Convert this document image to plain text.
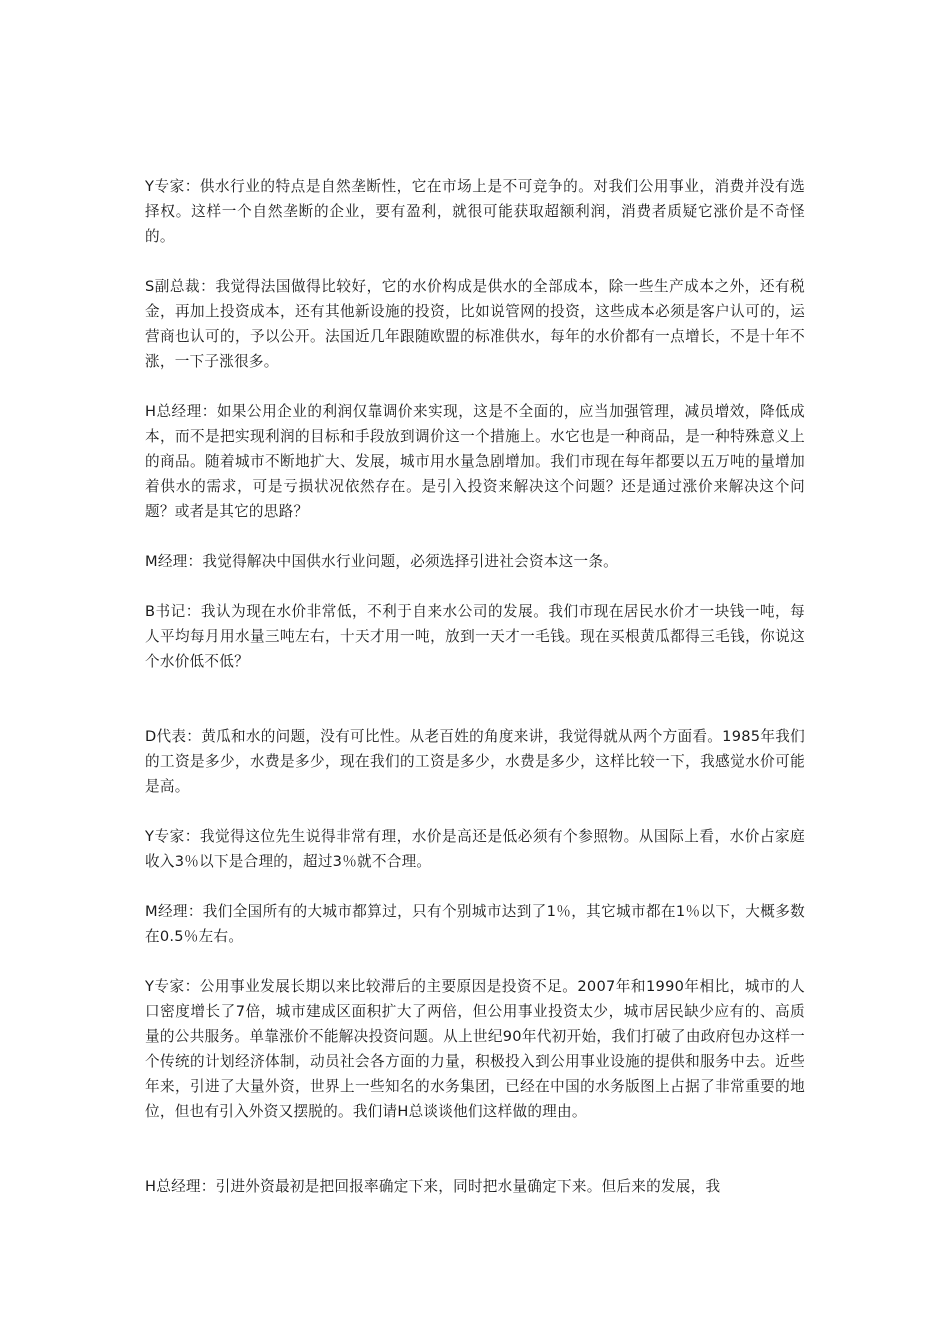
Y专家：供水行业的特点是自然垄断性，它在市场上是不可竞争的。对我们公用事业，消费并没有选择权。这样一个自然垄断的企业，要有盈利，就很可能获取超额利润，消费者质疑它涨价是不奇怪的。

S副总裁：我觉得法国做得比较好，它的水价构成是供水的全部成本，除一些生产成本之外，还有税金，再加上投资成本，还有其他新设施的投资，比如说管网的投资，这些成本必须是客户认可的，运营商也认可的，予以公开。法国近几年跟随欧盟的标准供水，每年的水价都有一点增长，不是十年不涨，一下子涨很多。

H总经理：如果公用企业的利润仅靠调价来实现，这是不全面的，应当加强管理，减员增效，降低成本，而不是把实现利润的目标和手段放到调价这一个措施上。水它也是一种商品，是一种特殊意义上的商品。随着城市不断地扩大、发展，城市用水量急剧增加。我们市现在每年都要以五万吨的量增加着供水的需求，可是亏损状况依然存在。是引入投资来解决这个问题？还是通过涨价来解决这个问题？或者是其它的思路？

M经理：我觉得解决中国供水行业问题，必须选择引进社会资本这一条。

B书记：我认为现在水价非常低，不利于自来水公司的发展。我们市现在居民水价才一块钱一吨，每人平均每月用水量三吨左右，十天才用一吨，放到一天才一毛钱。现在买根黄瓜都得三毛钱，你说这个水价低不低？

D代表：黄瓜和水的问题，没有可比性。从老百姓的角度来讲，我觉得就从两个方面看。1985年我们的工资是多少，水费是多少，现在我们的工资是多少，水费是多少，这样比较一下，我感觉水价可能是高。

Y专家：我觉得这位先生说得非常有理，水价是高还是低必须有个参照物。从国际上看，水价占家庭收入3％以下是合理的，超过3％就不合理。

M经理：我们全国所有的大城市都算过，只有个别城市达到了1％，其它城市都在1％以下，大概多数在0.5％左右。

Y专家：公用事业发展长期以来比较滞后的主要原因是投资不足。2007年和1990年相比，城市的人口密度增长了7倍，城市建成区面积扩大了两倍，但公用事业投资太少，城市居民缺少应有的、高质量的公共服务。单靠涨价不能解决投资问题。从上世纪90年代初开始，我们打破了由政府包办这样一个传统的计划经济体制，动员社会各方面的力量，积极投入到公用事业设施的提供和服务中去。近些年来，引进了大量外资，世界上一些知名的水务集团，已经在中国的水务版图上占据了非常重要的地位，但也有引入外资又摆脱的。我们请H总谈谈他们这样做的理由。

H总经理：引进外资最初是把回报率确定下来，同时把水量确定下来。但后来的发展，我
